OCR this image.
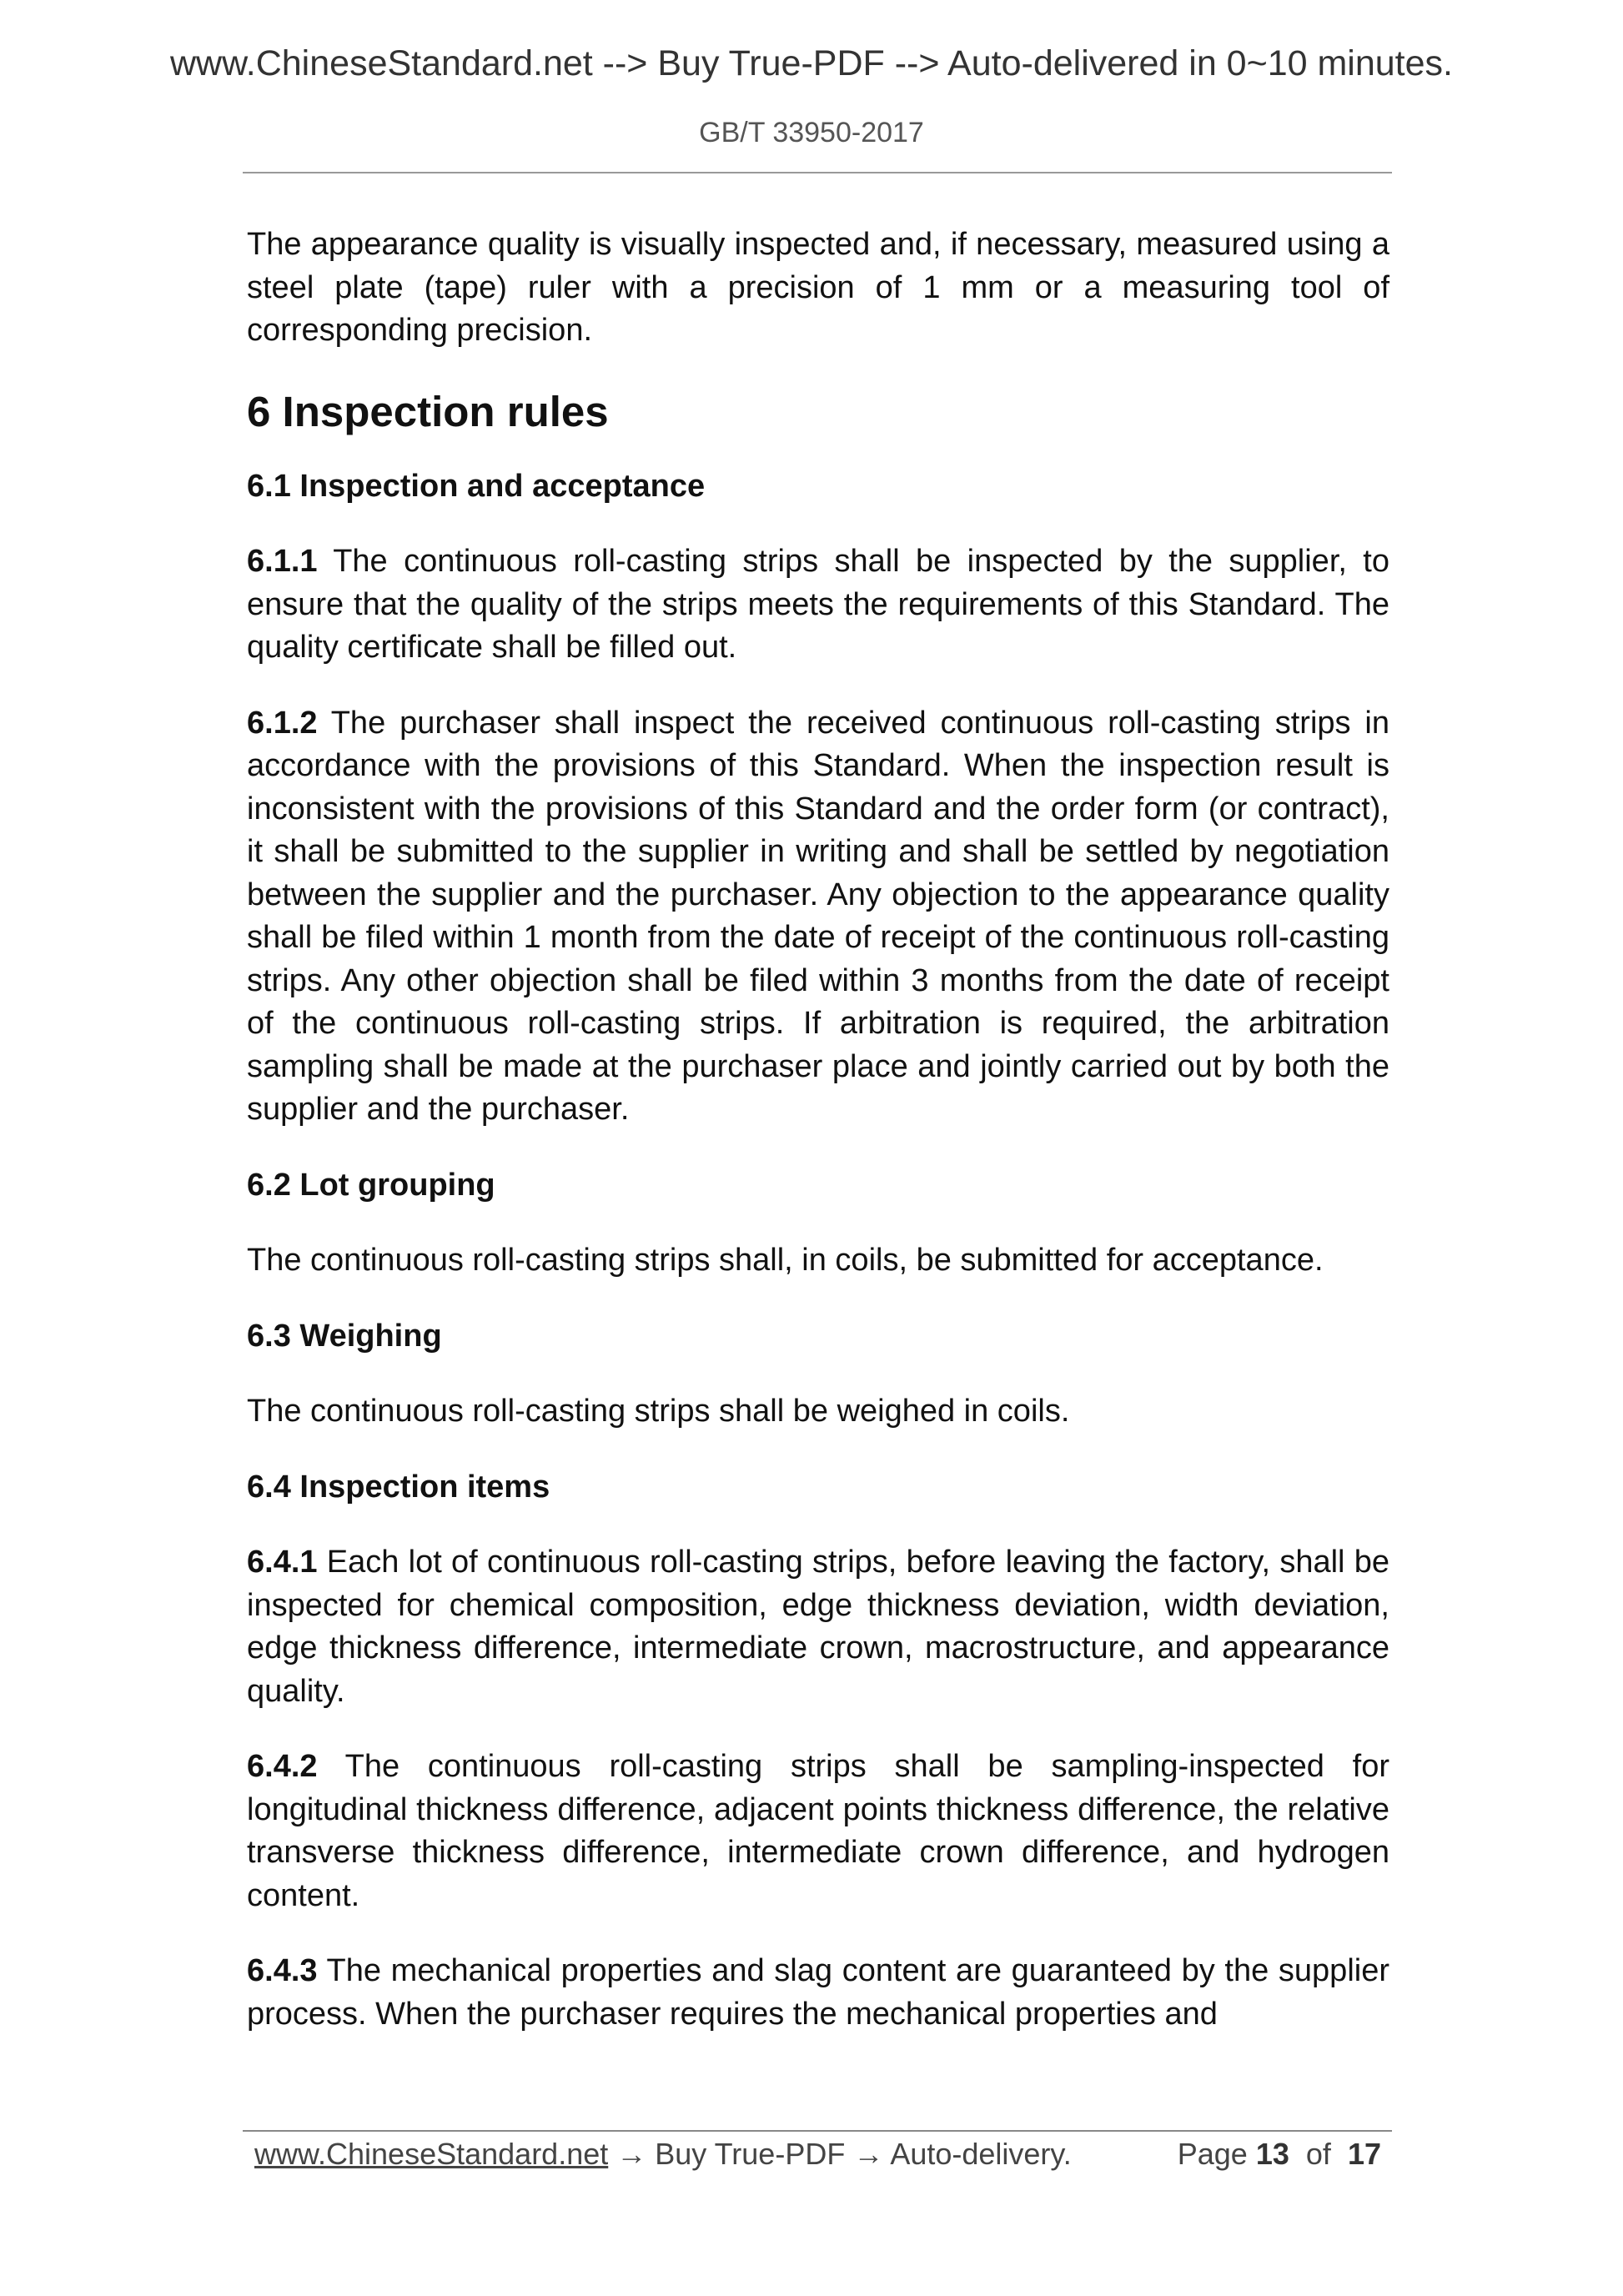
www.ChineseStandard.net --> Buy True-PDF --> Auto-delivered in 0~10 minutes.
GB/T 33950-2017

The appearance quality is visually inspected and, if necessary, measured using a steel plate (tape) ruler with a precision of 1 mm or a measuring tool of corresponding precision.

6 Inspection rules
6.1 Inspection and acceptance

6.1.1 The continuous roll-casting strips shall be inspected by the supplier, to ensure that the quality of the strips meets the requirements of this Standard. The quality certificate shall be filled out.

6.1.2 The purchaser shall inspect the received continuous roll-casting strips in accordance with the provisions of this Standard. When the inspection result is inconsistent with the provisions of this Standard and the order form (or contract), it shall be submitted to the supplier in writing and shall be settled by negotiation between the supplier and the purchaser. Any objection to the appearance quality shall be filed within 1 month from the date of receipt of the continuous roll-casting strips. Any other objection shall be filed within 3 months from the date of receipt of the continuous roll-casting strips. If arbitration is required, the arbitration sampling shall be made at the purchaser place and jointly carried out by both the supplier and the purchaser.

6.2 Lot grouping

The continuous roll-casting strips shall, in coils, be submitted for acceptance.

6.3 Weighing

The continuous roll-casting strips shall be weighed in coils.

6.4 Inspection items

6.4.1 Each lot of continuous roll-casting strips, before leaving the factory, shall be inspected for chemical composition, edge thickness deviation, width deviation, edge thickness difference, intermediate crown, macrostructure, and appearance quality.

6.4.2 The continuous roll-casting strips shall be sampling-inspected for longitudinal thickness difference, adjacent points thickness difference, the relative transverse thickness difference, intermediate crown difference, and hydrogen content.

6.4.3 The mechanical properties and slag content are guaranteed by the supplier process. When the purchaser requires the mechanical properties and

www.ChineseStandard.net → Buy True-PDF → Auto-delivery.	Page 13 of 17
